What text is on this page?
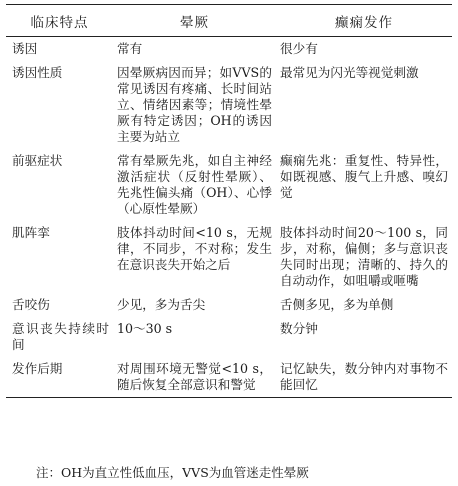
临床特点	晕厥	癫痫发作
诱因	常有	很少有
诱因性质	因晕厥病因而异；如VVS的常见诱因有疼痛、长时间站立、情绪因素等；情境性晕厥有特定诱因；OH的诱因主要为站立	最常见为闪光等视觉刺激
前驱症状	常有晕厥先兆，如自主神经激活症状（反射性晕厥）、先兆性偏头痛（OH）、心悸（心原性晕厥）	癫痫先兆：重复性、特异性，如既视感、腹气上升感、嗅幻觉
肌阵挛	肢体抖动时间<10 s，无规律，不同步，不对称；发生在意识丧失开始之后	肢体抖动时间20～100 s，同步，对称，偏侧；多与意识丧失同时出现；清晰的、持久的自动动作，如咀嚼或咂嘴
舌咬伤	少见，多为舌尖	舌侧多见，多为单侧
意识丧失持续时间	10～30 s	数分钟
发作后期	对周围环境无警觉<10 s，随后恢复全部意识和警觉	记忆缺失，数分钟内对事物不能回忆
注：OH为直立性低血压，VVS为血管迷走性晕厥
